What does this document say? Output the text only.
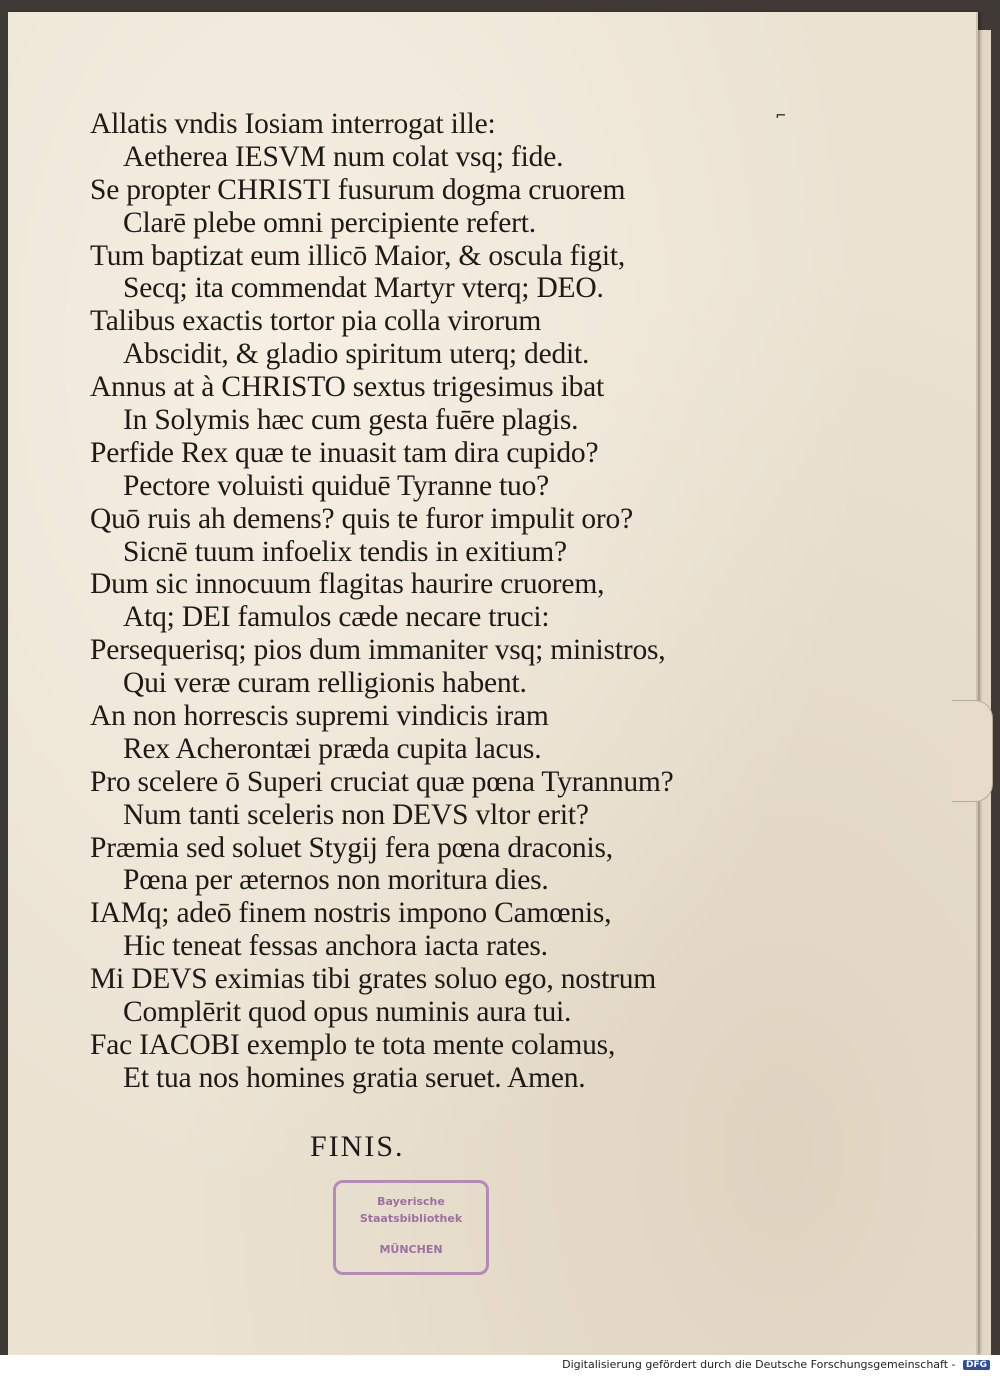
⌐
Allatis vndis Iosiam interrogat ille:
Aetherea IESVM num colat vsq; fide.
Se propter CHRISTI fusurum dogma cruorem
Clarē plebe omni percipiente refert.
Tum baptizat eum illicō Maior, & oscula figit,
Secq; ita commendat Martyr vterq; DEO.
Talibus exactis tortor pia colla virorum
Abscidit, & gladio spiritum uterq; dedit.
Annus at à CHRISTO sextus trigesimus ibat
In Solymis hæc cum gesta fuēre plagis.
Perfide Rex quæ te inuasit tam dira cupido?
Pectore voluisti quiduē Tyranne tuo?
Quō ruis ah demens? quis te furor impulit oro?
Sicnē tuum infoelix tendis in exitium?
Dum sic innocuum flagitas haurire cruorem,
Atq; DEI famulos cæde necare truci:
Persequerisq; pios dum immaniter vsq; ministros,
Qui veræ curam relligionis habent.
An non horrescis supremi vindicis iram
Rex Acherontæi præda cupita lacus.
Pro scelere ō Superi cruciat quæ pœna Tyrannum?
Num tanti sceleris non DEVS vltor erit?
Præmia sed soluet Stygij fera pœna draconis,
Pœna per æternos non moritura dies.
IAMq; adeō finem nostris impono Camœnis,
Hic teneat fessas anchora iacta rates.
Mi DEVS eximias tibi grates soluo ego, nostrum
Complērit quod opus numinis aura tui.
Fac IACOBI exemplo te tota mente colamus,
Et tua nos homines gratia seruet. Amen.
FINIS.
Bayerische
Staatsbibliothek
MÜNCHEN
Digitalisierung gefördert durch die Deutsche Forschungsgemeinschaft - DFG
